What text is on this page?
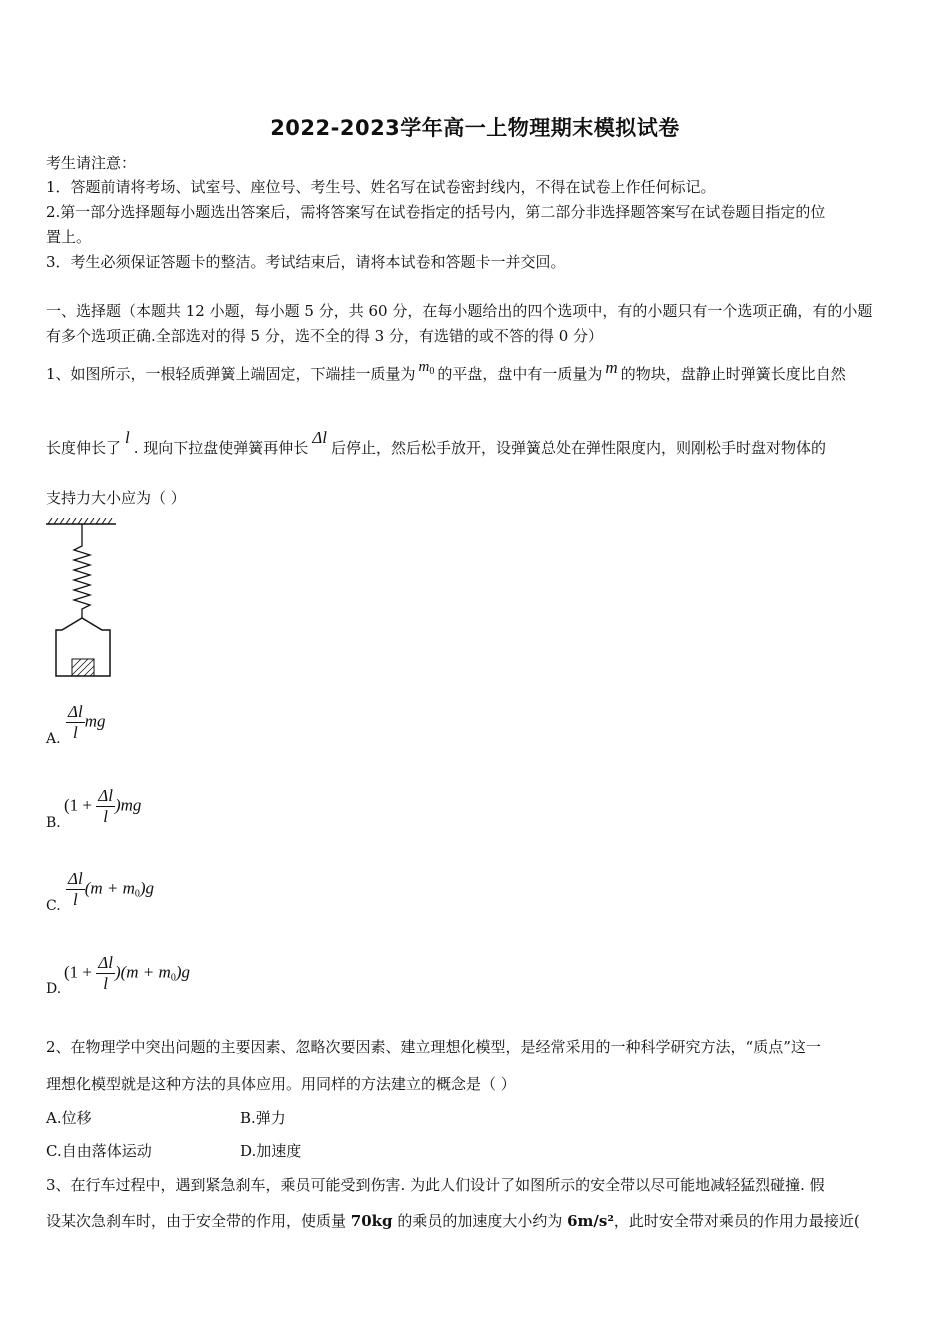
2022-2023学年高一上物理期末模拟试卷
考生请注意：
1．答题前请将考场、试室号、座位号、考生号、姓名写在试卷密封线内，不得在试卷上作任何标记。
2.第一部分选择题每小题选出答案后，需将答案写在试卷指定的括号内，第二部分非选择题答案写在试卷题目指定的位
置上。
3．考生必须保证答题卡的整洁。考试结束后，请将本试卷和答题卡一并交回。
一、选择题（本题共 12 小题，每小题 5 分，共 60 分，在每小题给出的四个选项中，有的小题只有一个选项正确，有的小题
有多个选项正确.全部选对的得 5 分，选不全的得 3 分，有选错的或不答的得 0 分）
1、如图所示，一根轻质弹簧上端固定，下端挂一质量为 $m_0$ 的平盘，盘中有一质量为 m 的物块，盘静止时弹簧长度比自然
长度伸长了l. 现向下拉盘使弹簧再伸长Δl后停止，然后松手放开，设弹簧总处在弹性限度内，则刚松手时盘对物体的
支持力大小应为（ ）
$\frac{\Delta l}{l}$ mg
A.
$(1 + \frac{\Delta l}{l} )mg$
B.
$\frac{\Delta l}{l} (m + m_0)g$
C.
$(1 + \frac{\Delta l}{l} )(m + m_0)g$
D.
2、在物理学中突出问题的主要因素、忽略次要因素、建立理想化模型，是经常采用的一种科学研究方法，“质点”这一
理想化模型就是这种方法的具体应用。用同样的方法建立的概念是（ ）
A.位移	B.弹力
C.自由落体运动	D.加速度
3、在行车过程中，遇到紧急刹车，乘员可能受到伤害. 为此人们设计了如图所示的安全带以尽可能地减轻猛烈碰撞. 假
设某次急刹车时，由于安全带的作用，使质量 70kg 的乘员的加速度大小约为 6m/s²，此时安全带对乘员的作用力最接近(
